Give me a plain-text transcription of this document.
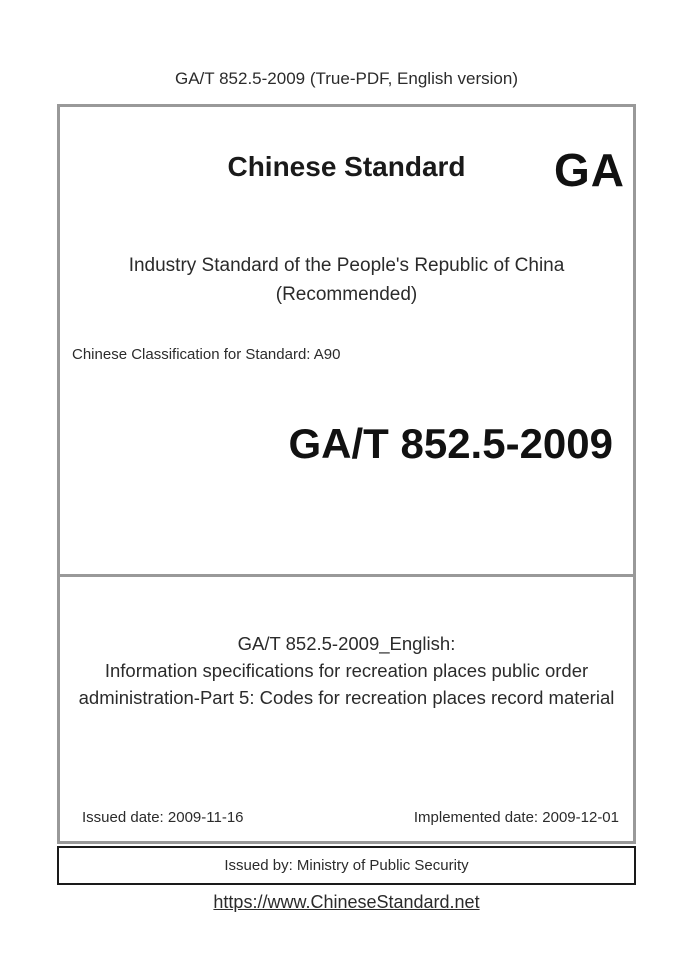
GA/T 852.5-2009 (True-PDF, English version)
Chinese Standard	GA
Industry Standard of the People's Republic of China
(Recommended)
Chinese Classification for Standard: A90
GA/T 852.5-2009
GA/T 852.5-2009_English:
Information specifications for recreation places public order administration-Part 5: Codes for recreation places record material
Issued date: 2009-11-16	Implemented date: 2009-12-01
Issued by: Ministry of Public Security
https://www.ChineseStandard.net
